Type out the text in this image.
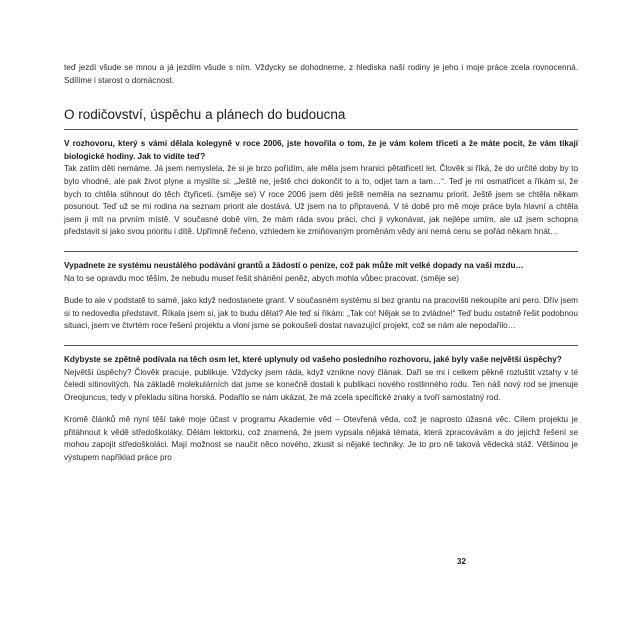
teď jezdí všude se mnou a já jezdím všude s ním. Vždycky se dohodneme, z hlediska naší rodiny je jeho i moje práce zcela rovnocenná. Sdílíme i starost o domácnost.

O rodičovství, úspěchu a plánech do budoucna

V rozhovoru, který s vámi dělala kolegyně v roce 2006, jste hovořila o tom, že je vám kolem třiceti a že máte pocit, že vám tikají biologické hodiny. Jak to vidíte teď?

Tak zatím děti nemáme. Já jsem nemyslela, že si je brzo pořídím, ale měla jsem hranici pětatřicetí let. Člověk si říká, že do určité doby by to bylo vhodné, ale pak život plyne a myslíte si: „Ještě ne, ještě chci dokončit to a to, odjet tam a tam…“. Teď je mi osmatřicet a říkám si, že bych to chtěla stihnout do těch čtyřiceti. (směje se) V roce 2006 jsem děti ještě neměla na seznamu priorit. Ještě jsem se chtěla někam posunout. Teď už se mi rodina na seznam priorit ale dostává. Už jsem na to připravená. V té době pro mě moje práce byla hlavní a chtěla jsem ji mít na prvním místě. V současné době vím, že mám ráda svou práci, chci ji vykonávat, jak nejlépe umím, ale už jsem schopna představit si jako svou prioritu i dítě. Upřímně řečeno, vzhledem ke zmiňovaným proměnám vědy ani nemá cenu se pořád někam hnát…

Vypadnete ze systému neustálého podávání grantů a žádostí o peníze, což pak může mít velké dopady na vaši mzdu…

Na to se opravdu moc těším, že nebudu muset řešit shánění peněz, abych mohla vůbec pracovat. (směje se)

Bude to ale v podstatě to samé, jako když nedostanete grant. V současném systému si bez grantu na pracovišti nekoupíte ani pero. Dřív jsem si to nedovedla představit. Říkala jsem si, jak to budu dělat? Ale teď si říkám: „Tak co! Nějak se to zvládne!“ Teď budu ostatně řešit podobnou situaci, jsem ve čtvrtém roce řešení projektu a vloni jsme se pokoušeli dostat navazující projekt, což se nám ale nepodařilo…

Kdybyste se zpětně podívala na těch osm let, které uplynuly od vašeho posledního rozhovoru, jaké byly vaše největší úspěchy?

Největší úspěchy? Člověk pracuje, publikuje. Vždycky jsem ráda, když vznikne nový člának. Daří se mi i celkem pěkně rozluštit vztahy v té čeledi sítinovitých. Na základě molekulárních dat jsme se konečně dostali k publikaci nového rostlinného rodu. Ten náš nový rod se jmenuje Oreojuncus, tedy v překladu sítina horská. Podařilo se nám ukázat, že má zcela specifické znaky a tvoří samostatný rod.

Kromě článků mě nyní těší také moje účast v programu Akademie věd – Otevřená věda, což je naprosto úžasná věc. Cílem projektu je přitáhnout k vědě středoškoláky. Dělám lektorku, což znamená, že jsem vypsala nějaká témata, která zpracovávám a do jejichž řešení se mohou zapojit středoškoláci. Mají možnost se naučit něco nového, zkusit si nějaké techniky. Je to pro ně taková vědecká stáž. Většinou je výstupem například práce pro

32
